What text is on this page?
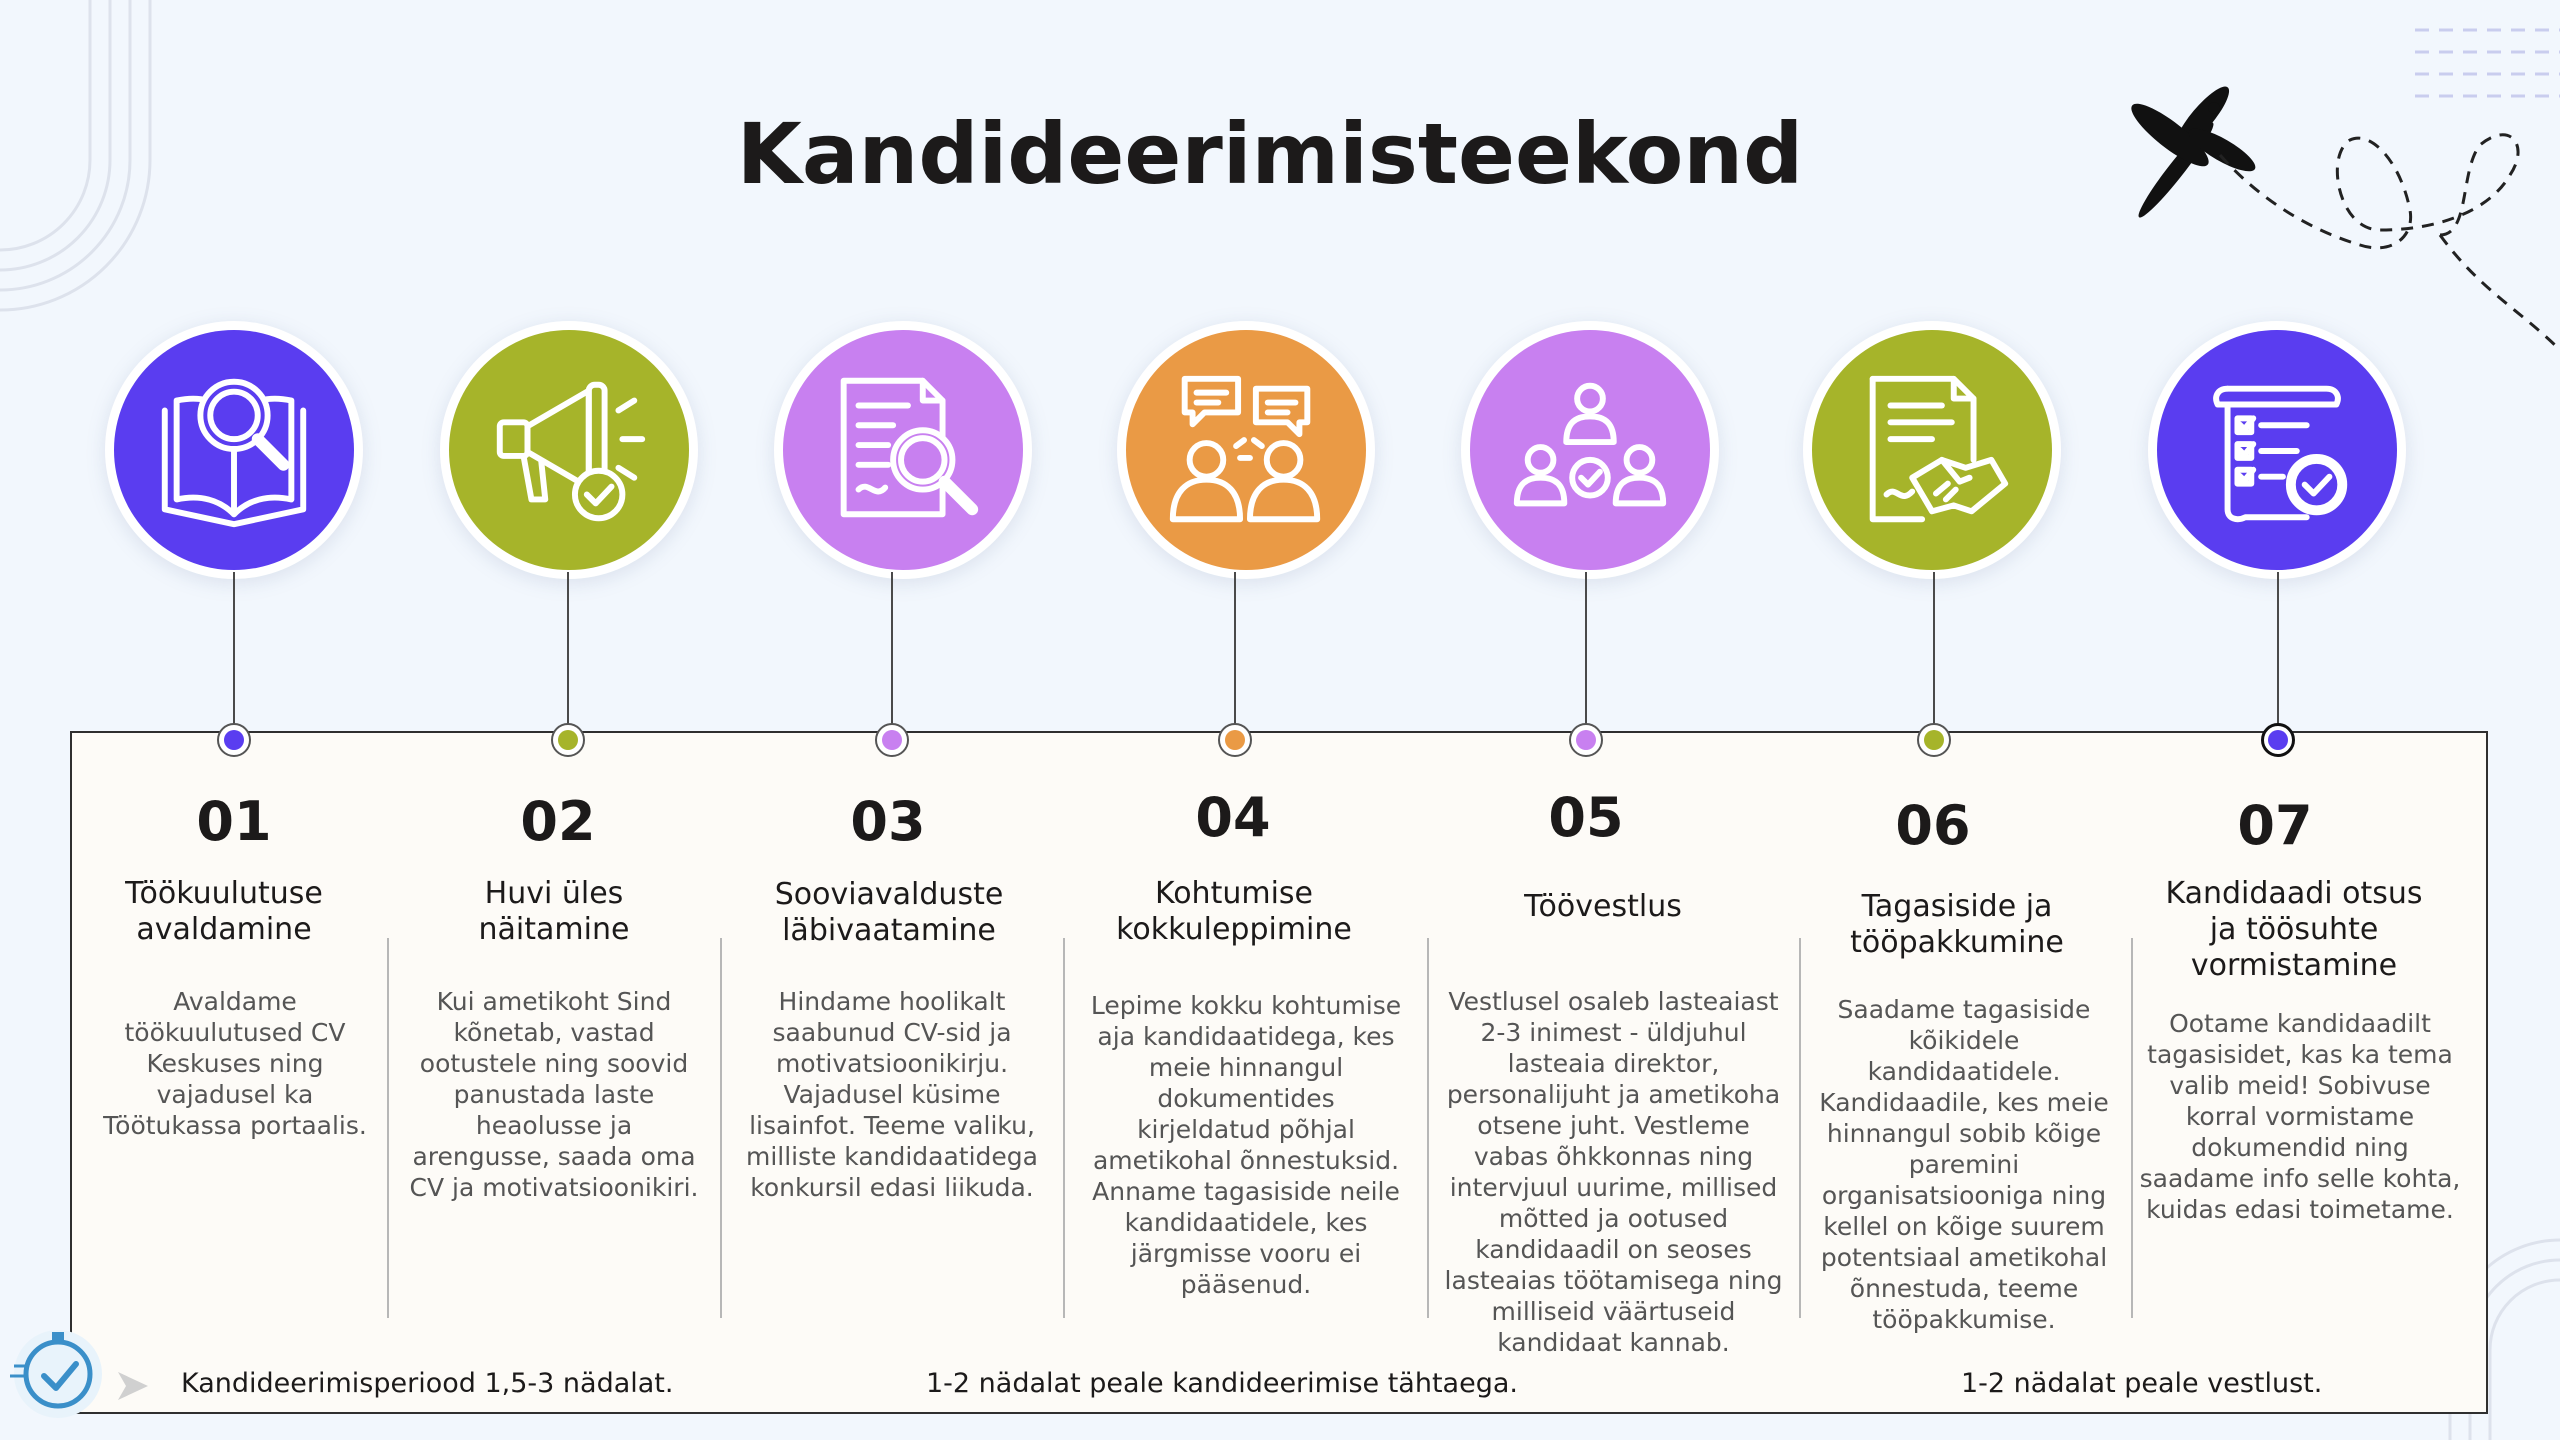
Kandideerimisteekond
01	02	03	04	05	06	07
Töökuulutuse
avaldamine
Huvi üles
näitamine
Sooviavalduste
läbivaatamine
Kohtumise
kokkuleppimine
Töövestlus	Tagasiside ja
tööpakkumine
Kandidaadi otsus
ja töösuhte
vormistamine
Avaldame
töökuulutused CV
Keskuses ning
vajadusel ka
Töötukassa portaalis.
Kui ametikoht Sind
kõnetab, vastad
ootustele ning soovid
panustada laste
heaolusse ja
arengusse, saada oma
CV ja motivatsioonikiri.
Hindame hoolikalt
saabunud CV-sid ja
motivatsioonikirju.
Vajadusel küsime
lisainfot. Teeme valiku,
milliste kandidaatidega
konkursil edasi liikuda.
Lepime kokku kohtumise
aja kandidaatidega, kes
meie hinnangul
dokumentides
kirjeldatud põhjal
ametikohal õnnestuksid.
Anname tagasiside neile
kandidaatidele, kes
järgmisse vooru ei
pääsenud.
Vestlusel osaleb lasteaiast
2-3 inimest - üldjuhul
lasteaia direktor,
personalijuht ja ametikoha
otsene juht. Vestleme
vabas õhkkonnas ning
intervjuul uurime, millised
mõtted ja ootused
kandidaadil on seoses
lasteaias töötamisega ning
milliseid väärtuseid
kandidaat kannab.
Saadame tagasiside
kõikidele
kandidaatidele.
Kandidaadile, kes meie
hinnangul sobib kõige
paremini
organisatsiooniga ning
kellel on kõige suurem
potentsiaal ametikohal
õnnestuda, teeme
tööpakkumise.
Ootame kandidaadilt
tagasisidet, kas ka tema
valib meid! Sobivuse
korral vormistame
dokumendid ning
saadame info selle kohta,
kuidas edasi toimetame.
Kandideerimisperiood 1,5-3 nädalat.	1-2 nädalat peale kandideerimise tähtaega.	1-2 nädalat peale vestlust.
